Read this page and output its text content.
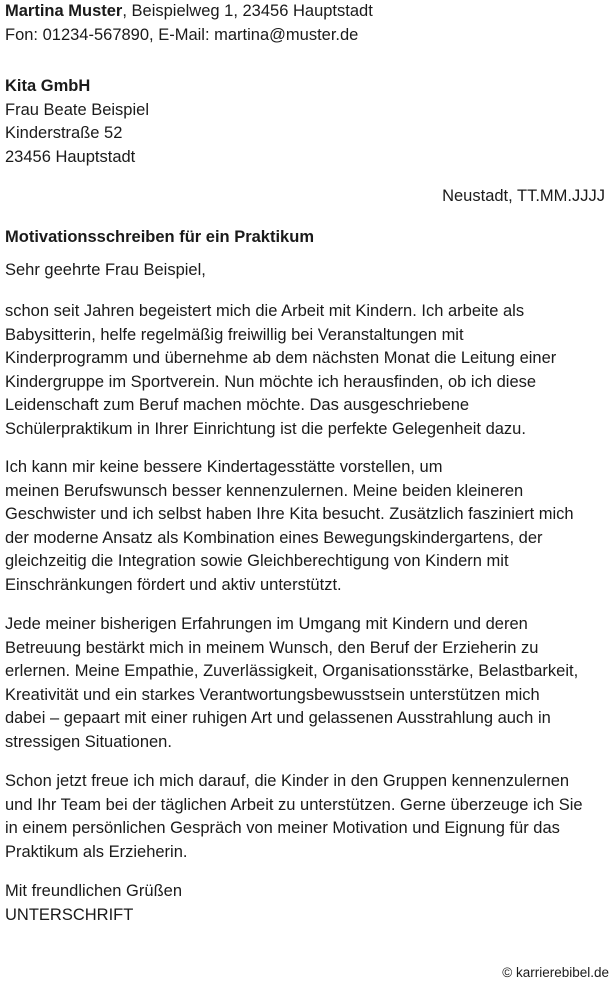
Martina Muster, Beispielweg 1, 23456 Hauptstadt
Fon: 01234-567890, E-Mail: martina@muster.de
Kita GmbH
Frau Beate Beispiel
Kinderstraße 52
23456 Hauptstadt
Neustadt, TT.MM.JJJJ
Motivationsschreiben für ein Praktikum
Sehr geehrte Frau Beispiel,
schon seit Jahren begeistert mich die Arbeit mit Kindern. Ich arbeite als
Babysitterin, helfe regelmäßig freiwillig bei Veranstaltungen mit
Kinderprogramm und übernehme ab dem nächsten Monat die Leitung einer
Kindergruppe im Sportverein. Nun möchte ich herausfinden, ob ich diese
Leidenschaft zum Beruf machen möchte. Das ausgeschriebene
Schülerpraktikum in Ihrer Einrichtung ist die perfekte Gelegenheit dazu.
Ich kann mir keine bessere Kindertagesstätte vorstellen, um
meinen Berufswunsch besser kennenzulernen. Meine beiden kleineren
Geschwister und ich selbst haben Ihre Kita besucht. Zusätzlich fasziniert mich
der moderne Ansatz als Kombination eines Bewegungskindergartens, der
gleichzeitig die Integration sowie Gleichberechtigung von Kindern mit
Einschränkungen fördert und aktiv unterstützt.
Jede meiner bisherigen Erfahrungen im Umgang mit Kindern und deren
Betreuung bestärkt mich in meinem Wunsch, den Beruf der Erzieherin zu
erlernen. Meine Empathie, Zuverlässigkeit, Organisationsstärke, Belastbarkeit,
Kreativität und ein starkes Verantwortungsbewusstsein unterstützen mich
dabei – gepaart mit einer ruhigen Art und gelassenen Ausstrahlung auch in
stressigen Situationen.
Schon jetzt freue ich mich darauf, die Kinder in den Gruppen kennenzulernen
und Ihr Team bei der täglichen Arbeit zu unterstützen. Gerne überzeuge ich Sie
in einem persönlichen Gespräch von meiner Motivation und Eignung für das
Praktikum als Erzieherin.
Mit freundlichen Grüßen
UNTERSCHRIFT
© karrierebibel.de
